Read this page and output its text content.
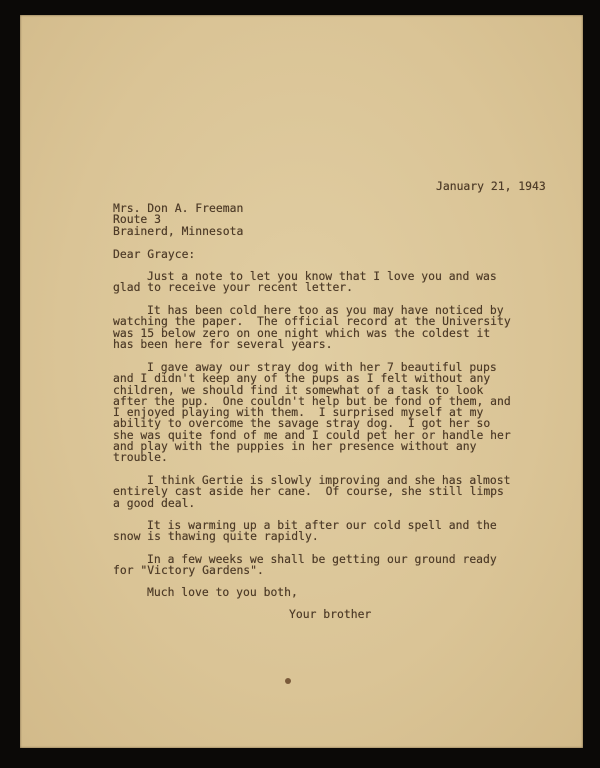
January 21, 1943
Mrs. Don A. Freeman
Route 3
Brainerd, Minnesota
Dear Grayce:
Just a note to let you know that I love you and was
glad to receive your recent letter.
It has been cold here too as you may have noticed by
watching the paper.  The official record at the University
was 15 below zero on one night which was the coldest it
has been here for several years.
I gave away our stray dog with her 7 beautiful pups
and I didn't keep any of the pups as I felt without any
children, we should find it somewhat of a task to look
after the pup.  One couldn't help but be fond of them, and
I enjoyed playing with them.  I surprised myself at my
ability to overcome the savage stray dog.  I got her so
she was quite fond of me and I could pet her or handle her
and play with the puppies in her presence without any
trouble.
I think Gertie is slowly improving and she has almost
entirely cast aside her cane.  Of course, she still limps
a good deal.
It is warming up a bit after our cold spell and the
snow is thawing quite rapidly.
In a few weeks we shall be getting our ground ready
for "Victory Gardens".
Much love to you both,
Your brother
